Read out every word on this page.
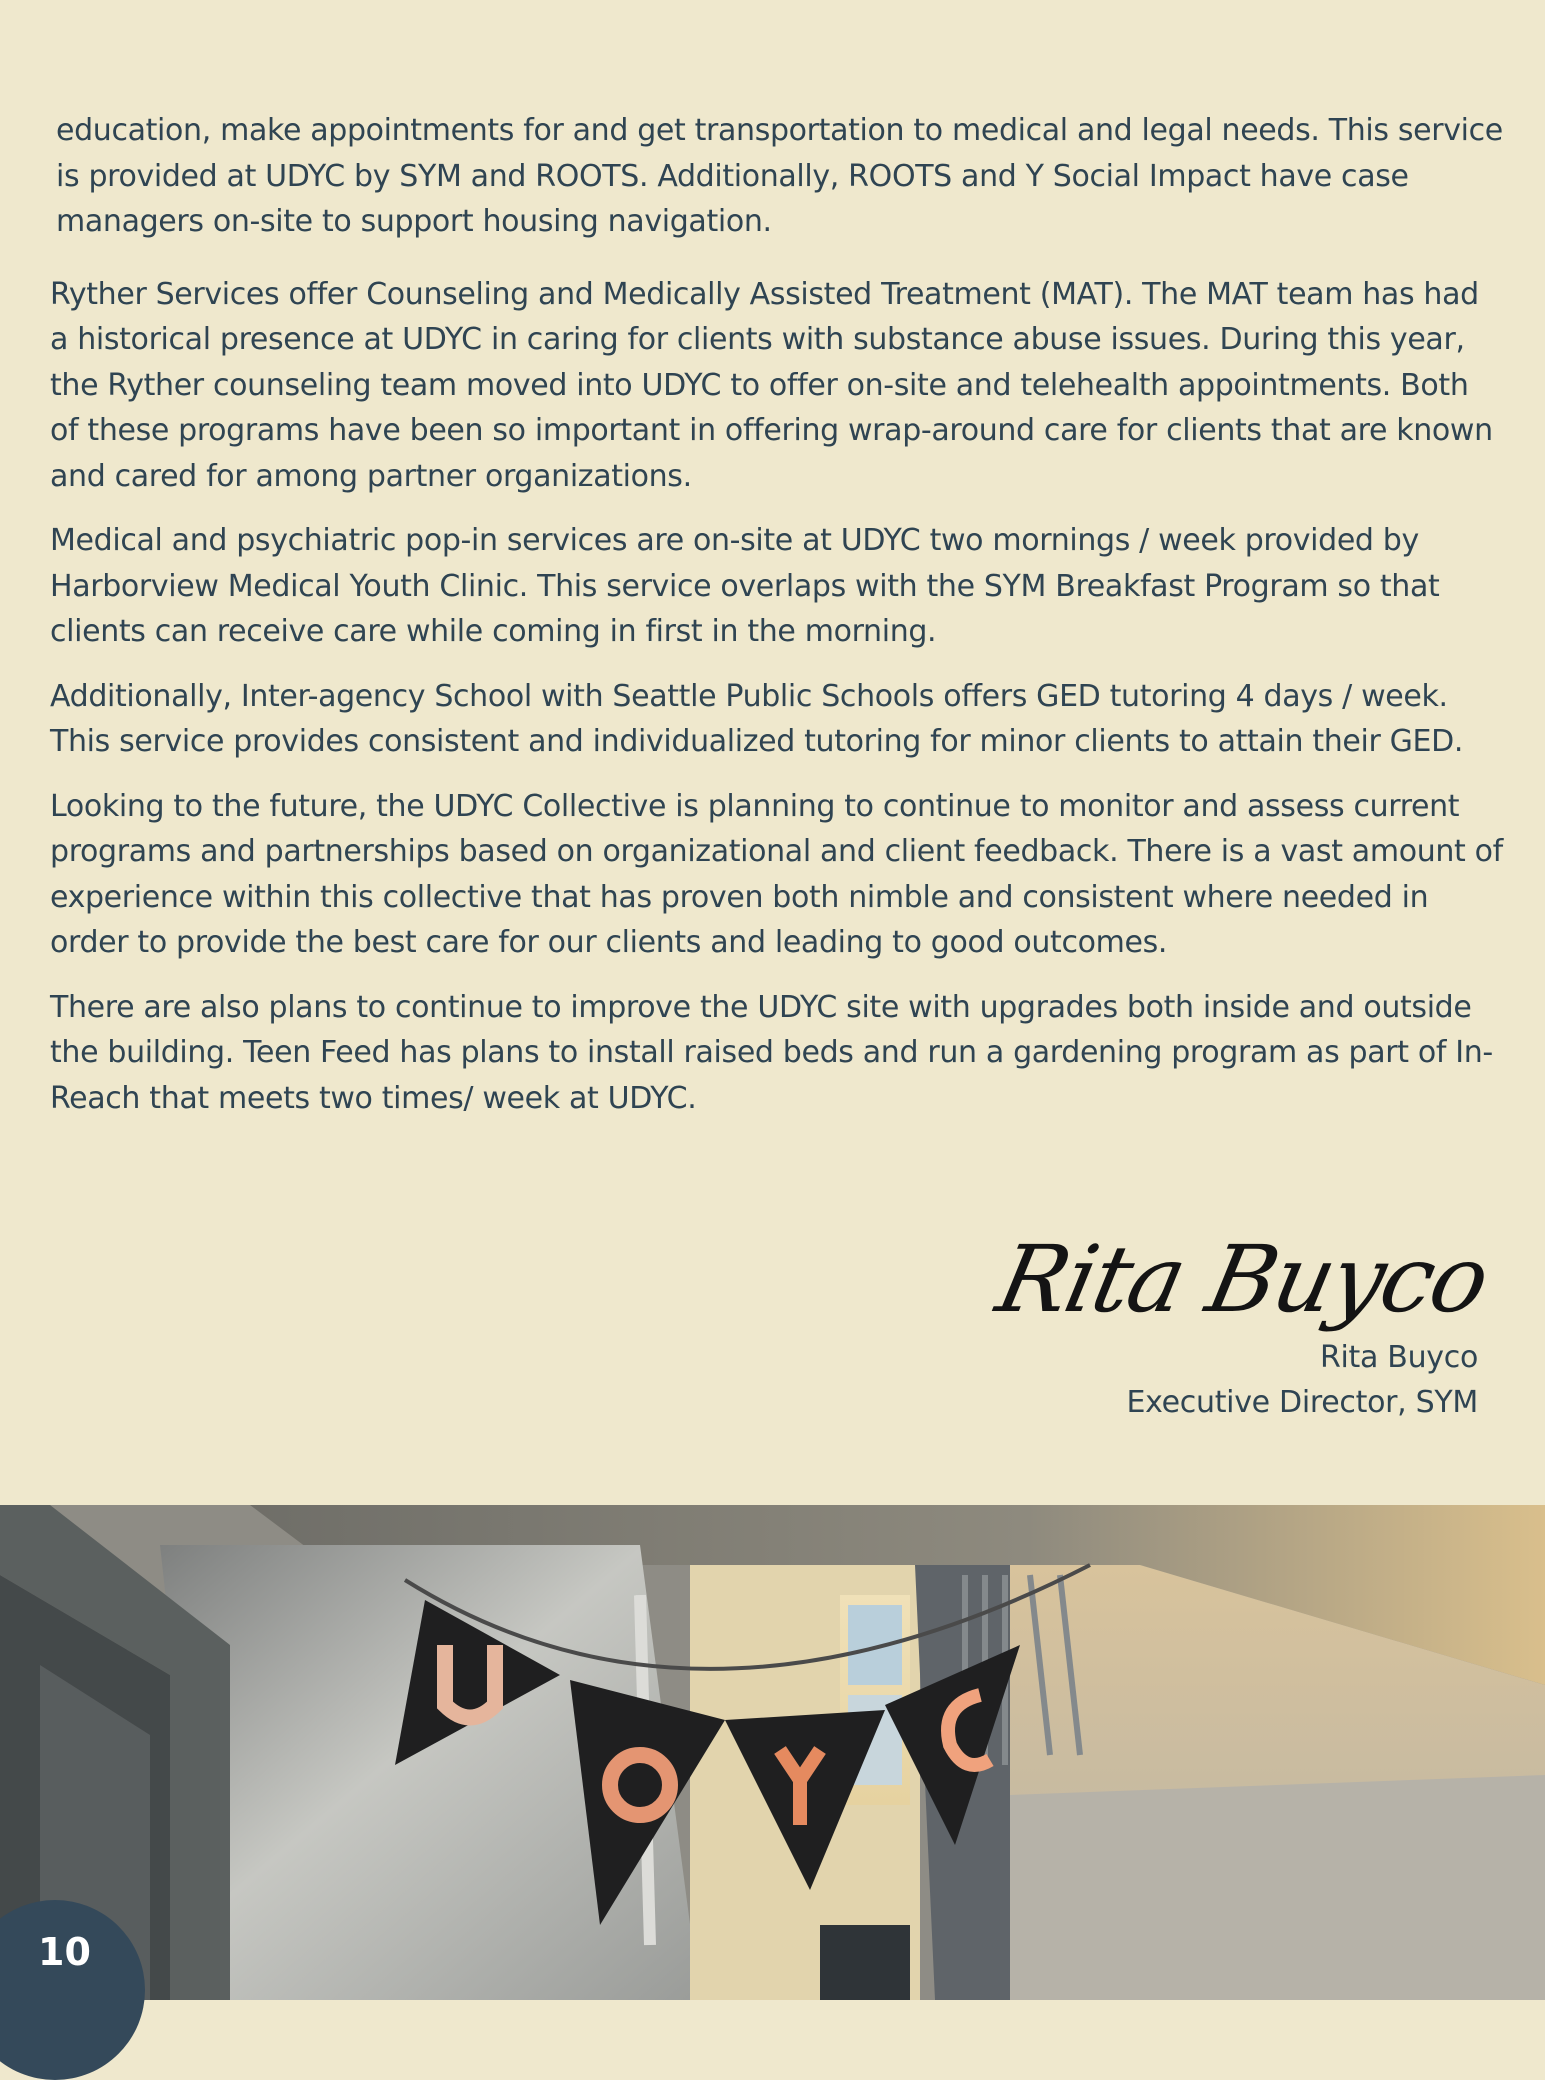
education, make appointments for and get transportation to medical and legal needs. This service is provided at UDYC by SYM and ROOTS. Additionally, ROOTS and Y Social Impact have case managers on-site to support housing navigation.

Ryther Services offer Counseling and Medically Assisted Treatment (MAT). The MAT team has had a historical presence at UDYC in caring for clients with substance abuse issues. During this year, the Ryther counseling team moved into UDYC to offer on-site and telehealth appointments. Both of these programs have been so important in offering wrap-around care for clients that are known and cared for among partner organizations.

Medical and psychiatric pop-in services are on-site at UDYC two mornings / week provided by Harborview Medical Youth Clinic. This service overlaps with the SYM Breakfast Program so that clients can receive care while coming in first in the morning.

Additionally, Inter-agency School with Seattle Public Schools offers GED tutoring 4 days / week. This service provides consistent and individualized tutoring for minor clients to attain their GED.

Looking to the future, the UDYC Collective is planning to continue to monitor and assess current programs and partnerships based on organizational and client feedback. There is a vast amount of experience within this collective that has proven both nimble and consistent where needed in order to provide the best care for our clients and leading to good outcomes.

There are also plans to continue to improve the UDYC site with upgrades both inside and outside the building. Teen Feed has plans to install raised beds and run a gardening program as part of In-Reach that meets two times/ week at UDYC.

Rita Buyco
Rita Buyco
Executive Director, SYM
10
